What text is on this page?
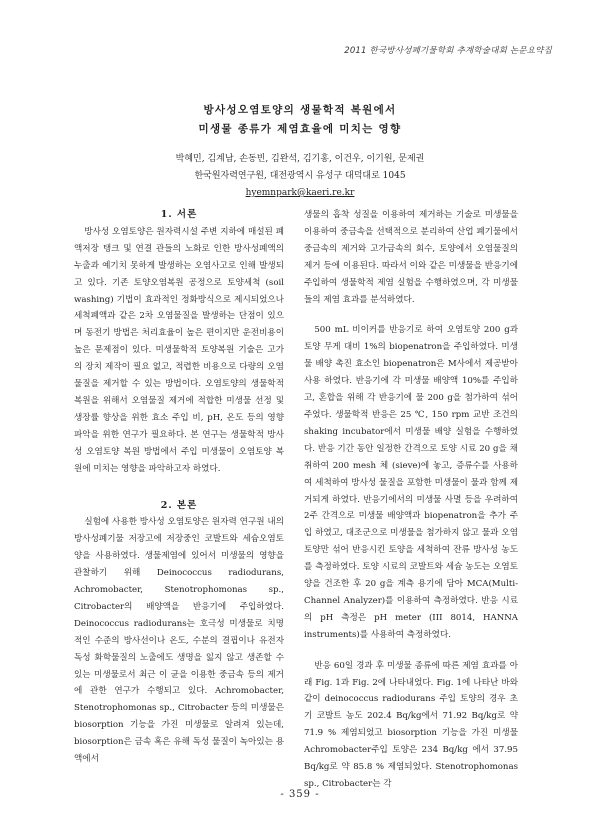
2011 한국방사성폐기물학회 추계학술대회 논문요약집
방사성오염토양의 생물학적 복원에서
미생물 종류가 제염효율에 미치는 영향
박혜민, 김계남, 손동빈, 김완석, 김기홍, 이건우, 이기원, 문제권
한국원자력연구원, 대전광역시 유성구 대덕대로 1045
hyemnpark@kaeri.re.kr

1. 서론

방사성 오염토양은 원자력시설 주변 지하에 매설된 폐액저장 탱크 및 연결 관들의 노화로 인한 방사성폐액의 누출과 예기치 못하게 발생하는 오염사고로 인해 발생되고 있다. 기존 토양오염복원 공정으로 토양세척 (soil washing) 기법이 효과적인 정화방식으로 제시되었으나 세척폐액과 같은 2차 오염물질을 발생하는 단점이 있으며 동전기 방법은 처리효율이 높은 편이지만 운전비용이 높은 문제점이 있다. 미생물학적 토양복원 기술은 고가의 장치 제작이 필요 없고, 적렵한 비용으로 다량의 오염물질을 제거할 수 있는 방법이다. 오염토양의 생물학적 복원을 위해서 오염물질 제거에 적합한 미생물 선정 및 생장률 향상을 위한 효소 주입 비, pH, 온도 등의 영향 파악을 위한 연구가 필요하다. 본 연구는 생물학적 방사성 오염토양 복원 방법에서 주입 미생물이 오염토양 복원에 미치는 영향을 파악하고자 하였다.

2. 본론

실험에 사용한 방사성 오염토양은 원자력 연구원 내의 방사성폐기물 저장고에 저장중인 코발트와 세슘오염토양을 사용하였다. 생물제염에 있어서 미생물의 영향을 관찰하기 위해 Deinococcus radiodurans, Achromobacter, Stenotrophomonas sp., Citrobacter의 배양액을 반응기에 주입하였다. Deinococcus radiodurans는 호극성 미생물로 치명적인 수준의 방사선이나 온도, 수분의 결핍이나 유전자 독성 화학물질의 노출에도 생명을 잃지 않고 생존할 수 있는 미생물로서 최근 이 균을 이용한 중금속 등의 제거에 관한 연구가 수행되고 있다. Achromobacter, Stenotrophomonas sp., Citrobacter 등의 미생물은 biosorption 기능을 가진 미생물로 알려져 있는데, biosorption은 금속 혹은 유해 독성 물질이 녹아있는 용액에서

생물의 흡착 성질을 이용하여 제거하는 기술로 미생물을 이용하여 중금속을 선택적으로 분리하여 산업 폐기물에서 중금속의 제거와 고가금속의 회수, 토양에서 오염물질의 제거 등에 이용된다. 따라서 이와 같은 미생물을 반응기에 주입하여 생물학적 제염 실험을 수행하였으며, 각 미생물들의 제염 효과를 분석하였다.

500 mL 비이커를 반응기로 하여 오염토양 200 g과 토양 무게 대비 1%의 biopenatron을 주입하였다. 미생물 배양 촉진 효소인 biopenatron은 M사에서 제공받아 사용 하였다. 반응기에 각 미생물 배양액 10%를 주입하고, 혼합을 위해 각 반응기에 물 200 g을 첨가하여 섞어 주었다. 생물학적 반응은 25 ℃, 150 rpm 교반 조건의 shaking incubator에서 미생물 배양 실험을 수행하였다. 반응 기간 동안 일정한 간격으로 토양 시료 20 g을 채취하여 200 mesh 체 (sieve)에 놓고, 증류수를 사용하여 세척하여 방사성 물질을 포함한 미생물이 물과 함께 제거되게 하였다. 반응기에서의 미생물 사멸 등을 우려하여 2주 간격으로 미생물 배양액과 biopenatron을 추가 주입 하였고, 대조군으로 미생물을 첨가하지 않고 물과 오염토양만 섞어 반응시킨 토양을 세척하여 잔류 방사성 농도를 측정하였다. 토양 시료의 코발트와 세슘 농도는 오염토양을 건조한 후 20 g을 계측 용기에 담아 MCA(Multi-Channel Analyzer)를 이용하여 측정하였다. 반응 시료의 pH 측정은 pH meter (III 8014, HANNA instruments)를 사용하여 측정하였다.

반응 60일 경과 후 미생물 종류에 따른 제염 효과를 아래 Fig. 1과 Fig. 2에 나타내었다. Fig. 1에 나타난 바와 같이 deinococcus radiodurans 주입 토양의 경우 초기 코발트 농도 202.4 Bq/kg에서 71.92 Bq/kg로 약 71.9 % 제염되었고 biosorption 기능을 가진 미생물 Achromobacter주입 토양은 234 Bq/kg 에서 37.95 Bq/kg로 약 85.8 % 제염되었다. Stenotrophomonas sp., Citrobacter는 각

- 359 -
